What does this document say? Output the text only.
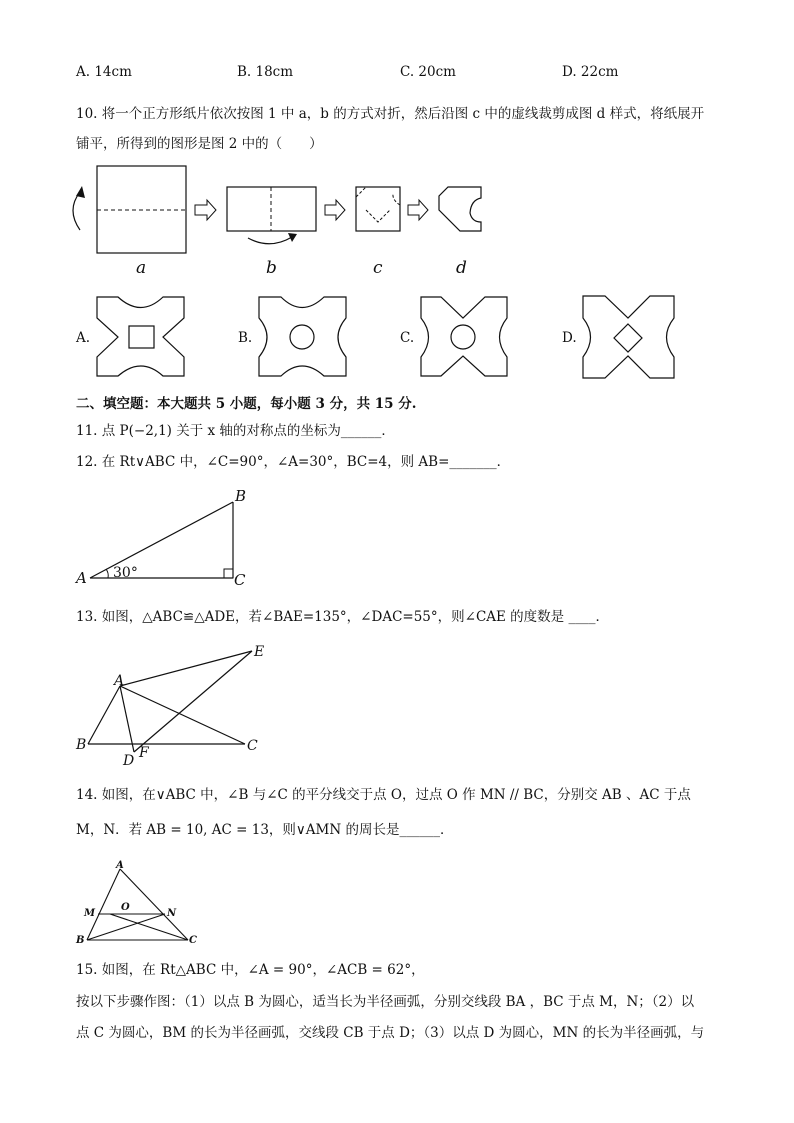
A. 14cm	B. 18cm	C. 20cm	D. 22cm
10. 将一个正方形纸片依次按图 1 中 a，b 的方式对折，然后沿图 c 中的虚线裁剪成图 d 样式，将纸展开
铺平，所得到的图形是图 2 中的（　　）
a	b	c	d
A.	B.	C.	D.
二、填空题：本大题共 5 小题，每小题 3 分，共 15 分.
11. 点 P(−2,1) 关于 x 轴的对称点的坐标为______．
12. 在 Rt∨ABC 中，∠C=90°，∠A=30°，BC=4，则 AB=_______．
A
B
C
30°
13. 如图，△ABC≌△ADE，若∠BAE=135°，∠DAC=55°，则∠CAE 的度数是 ____．
A
B	C
D
E
F
14. 如图，在∨ABC 中，∠B 与∠C 的平分线交于点 O，过点 O 作 MN // BC，分别交 AB 、AC 于点
M，N．若 AB = 10, AC = 13，则∨AMN 的周长是______．
A
M
O
N
B	C
15. 如图，在 Rt△ABC 中，∠A = 90°，∠ACB = 62°，
按以下步骤作图：（1）以点 B 为圆心，适当长为半径画弧，分别交线段 BA ，BC 于点 M，N；（2）以
点 C 为圆心，BM 的长为半径画弧，交线段 CB 于点 D；（3）以点 D 为圆心，MN 的长为半径画弧，与
